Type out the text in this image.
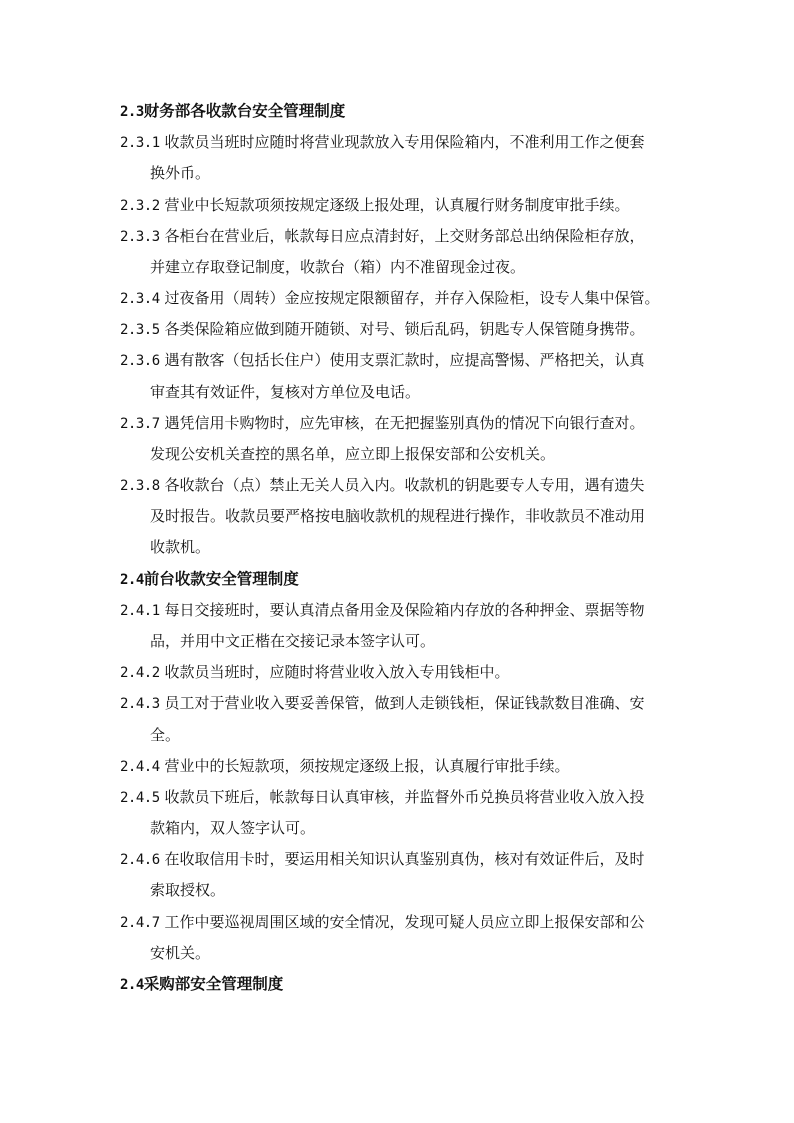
2.3财务部各收款台安全管理制度
2.3.1 收款员当班时应随时将营业现款放入专用保险箱内，不准利用工作之便套
换外币。
2.3.2 营业中长短款项须按规定逐级上报处理，认真履行财务制度审批手续。
2.3.3 各柜台在营业后，帐款每日应点清封好，上交财务部总出纳保险柜存放，
并建立存取登记制度，收款台（箱）内不准留现金过夜。
2.3.4 过夜备用（周转）金应按规定限额留存，并存入保险柜，设专人集中保管。
2.3.5 各类保险箱应做到随开随锁、对号、锁后乱码，钥匙专人保管随身携带。
2.3.6 遇有散客（包括长住户）使用支票汇款时，应提高警惕、严格把关，认真
审查其有效证件，复核对方单位及电话。
2.3.7 遇凭信用卡购物时，应先审核，在无把握鉴别真伪的情况下向银行查对。
发现公安机关查控的黑名单，应立即上报保安部和公安机关。
2.3.8 各收款台（点）禁止无关人员入内。收款机的钥匙要专人专用，遇有遗失
及时报告。收款员要严格按电脑收款机的规程进行操作，非收款员不准动用
收款机。
2.4前台收款安全管理制度
2.4.1 每日交接班时，要认真清点备用金及保险箱内存放的各种押金、票据等物
品，并用中文正楷在交接记录本签字认可。
2.4.2 收款员当班时，应随时将营业收入放入专用钱柜中。
2.4.3 员工对于营业收入要妥善保管，做到人走锁钱柜，保证钱款数目准确、安
全。
2.4.4 营业中的长短款项，须按规定逐级上报，认真履行审批手续。
2.4.5 收款员下班后，帐款每日认真审核，并监督外币兑换员将营业收入放入投
款箱内，双人签字认可。
2.4.6 在收取信用卡时，要运用相关知识认真鉴别真伪，核对有效证件后，及时
索取授权。
2.4.7 工作中要巡视周围区域的安全情况，发现可疑人员应立即上报保安部和公
安机关。
2.4采购部安全管理制度
